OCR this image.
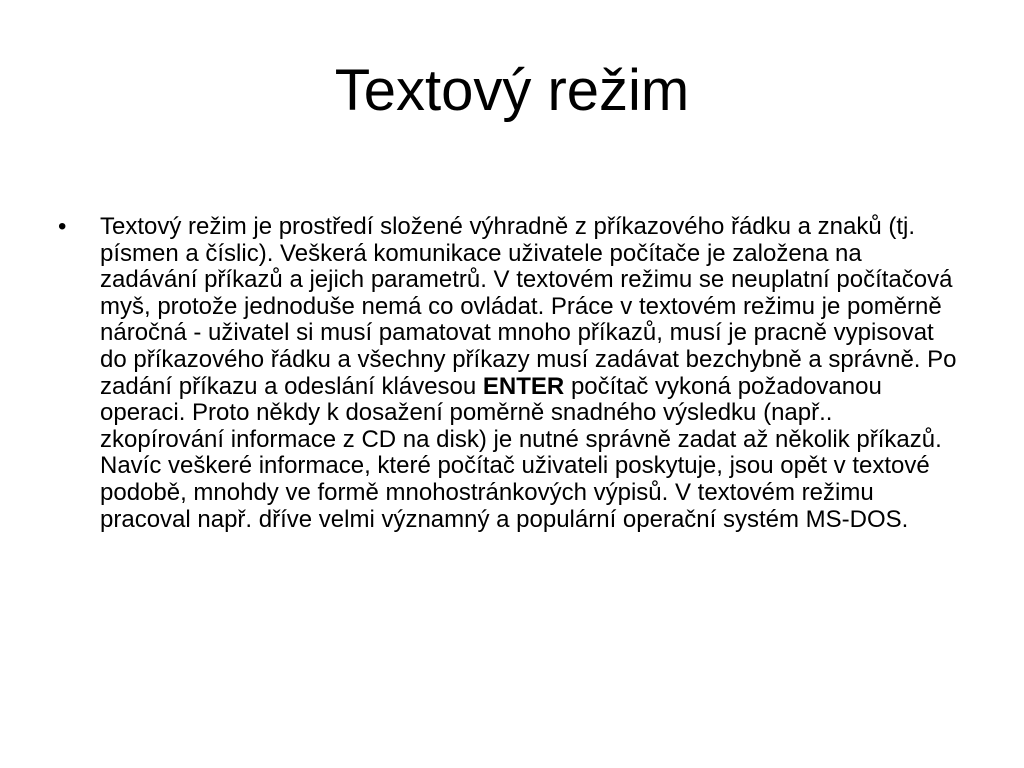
Textový režim
•	Textový režim je prostředí složené výhradně z příkazového řádku a znaků (tj. písmen a číslic). Veškerá komunikace uživatele počítače je založena na zadávání příkazů a jejich parametrů. V textovém režimu se neuplatní počítačová myš, protože jednoduše nemá co ovládat. Práce v textovém režimu je poměrně náročná - uživatel si musí pamatovat mnoho příkazů, musí je pracně vypisovat do příkazového řádku a všechny příkazy musí zadávat bezchybně a správně. Po zadání příkazu a odeslání klávesou ENTER počítač vykoná požadovanou operaci. Proto někdy k dosažení poměrně snadného výsledku (např.. zkopírování informace z CD na disk) je nutné správně zadat až několik příkazů. Navíc veškeré informace, které počítač uživateli poskytuje, jsou opět v textové podobě, mnohdy ve formě mnohostránkových výpisů. V textovém režimu pracoval např. dříve velmi významný a populární operační systém MS-DOS.
